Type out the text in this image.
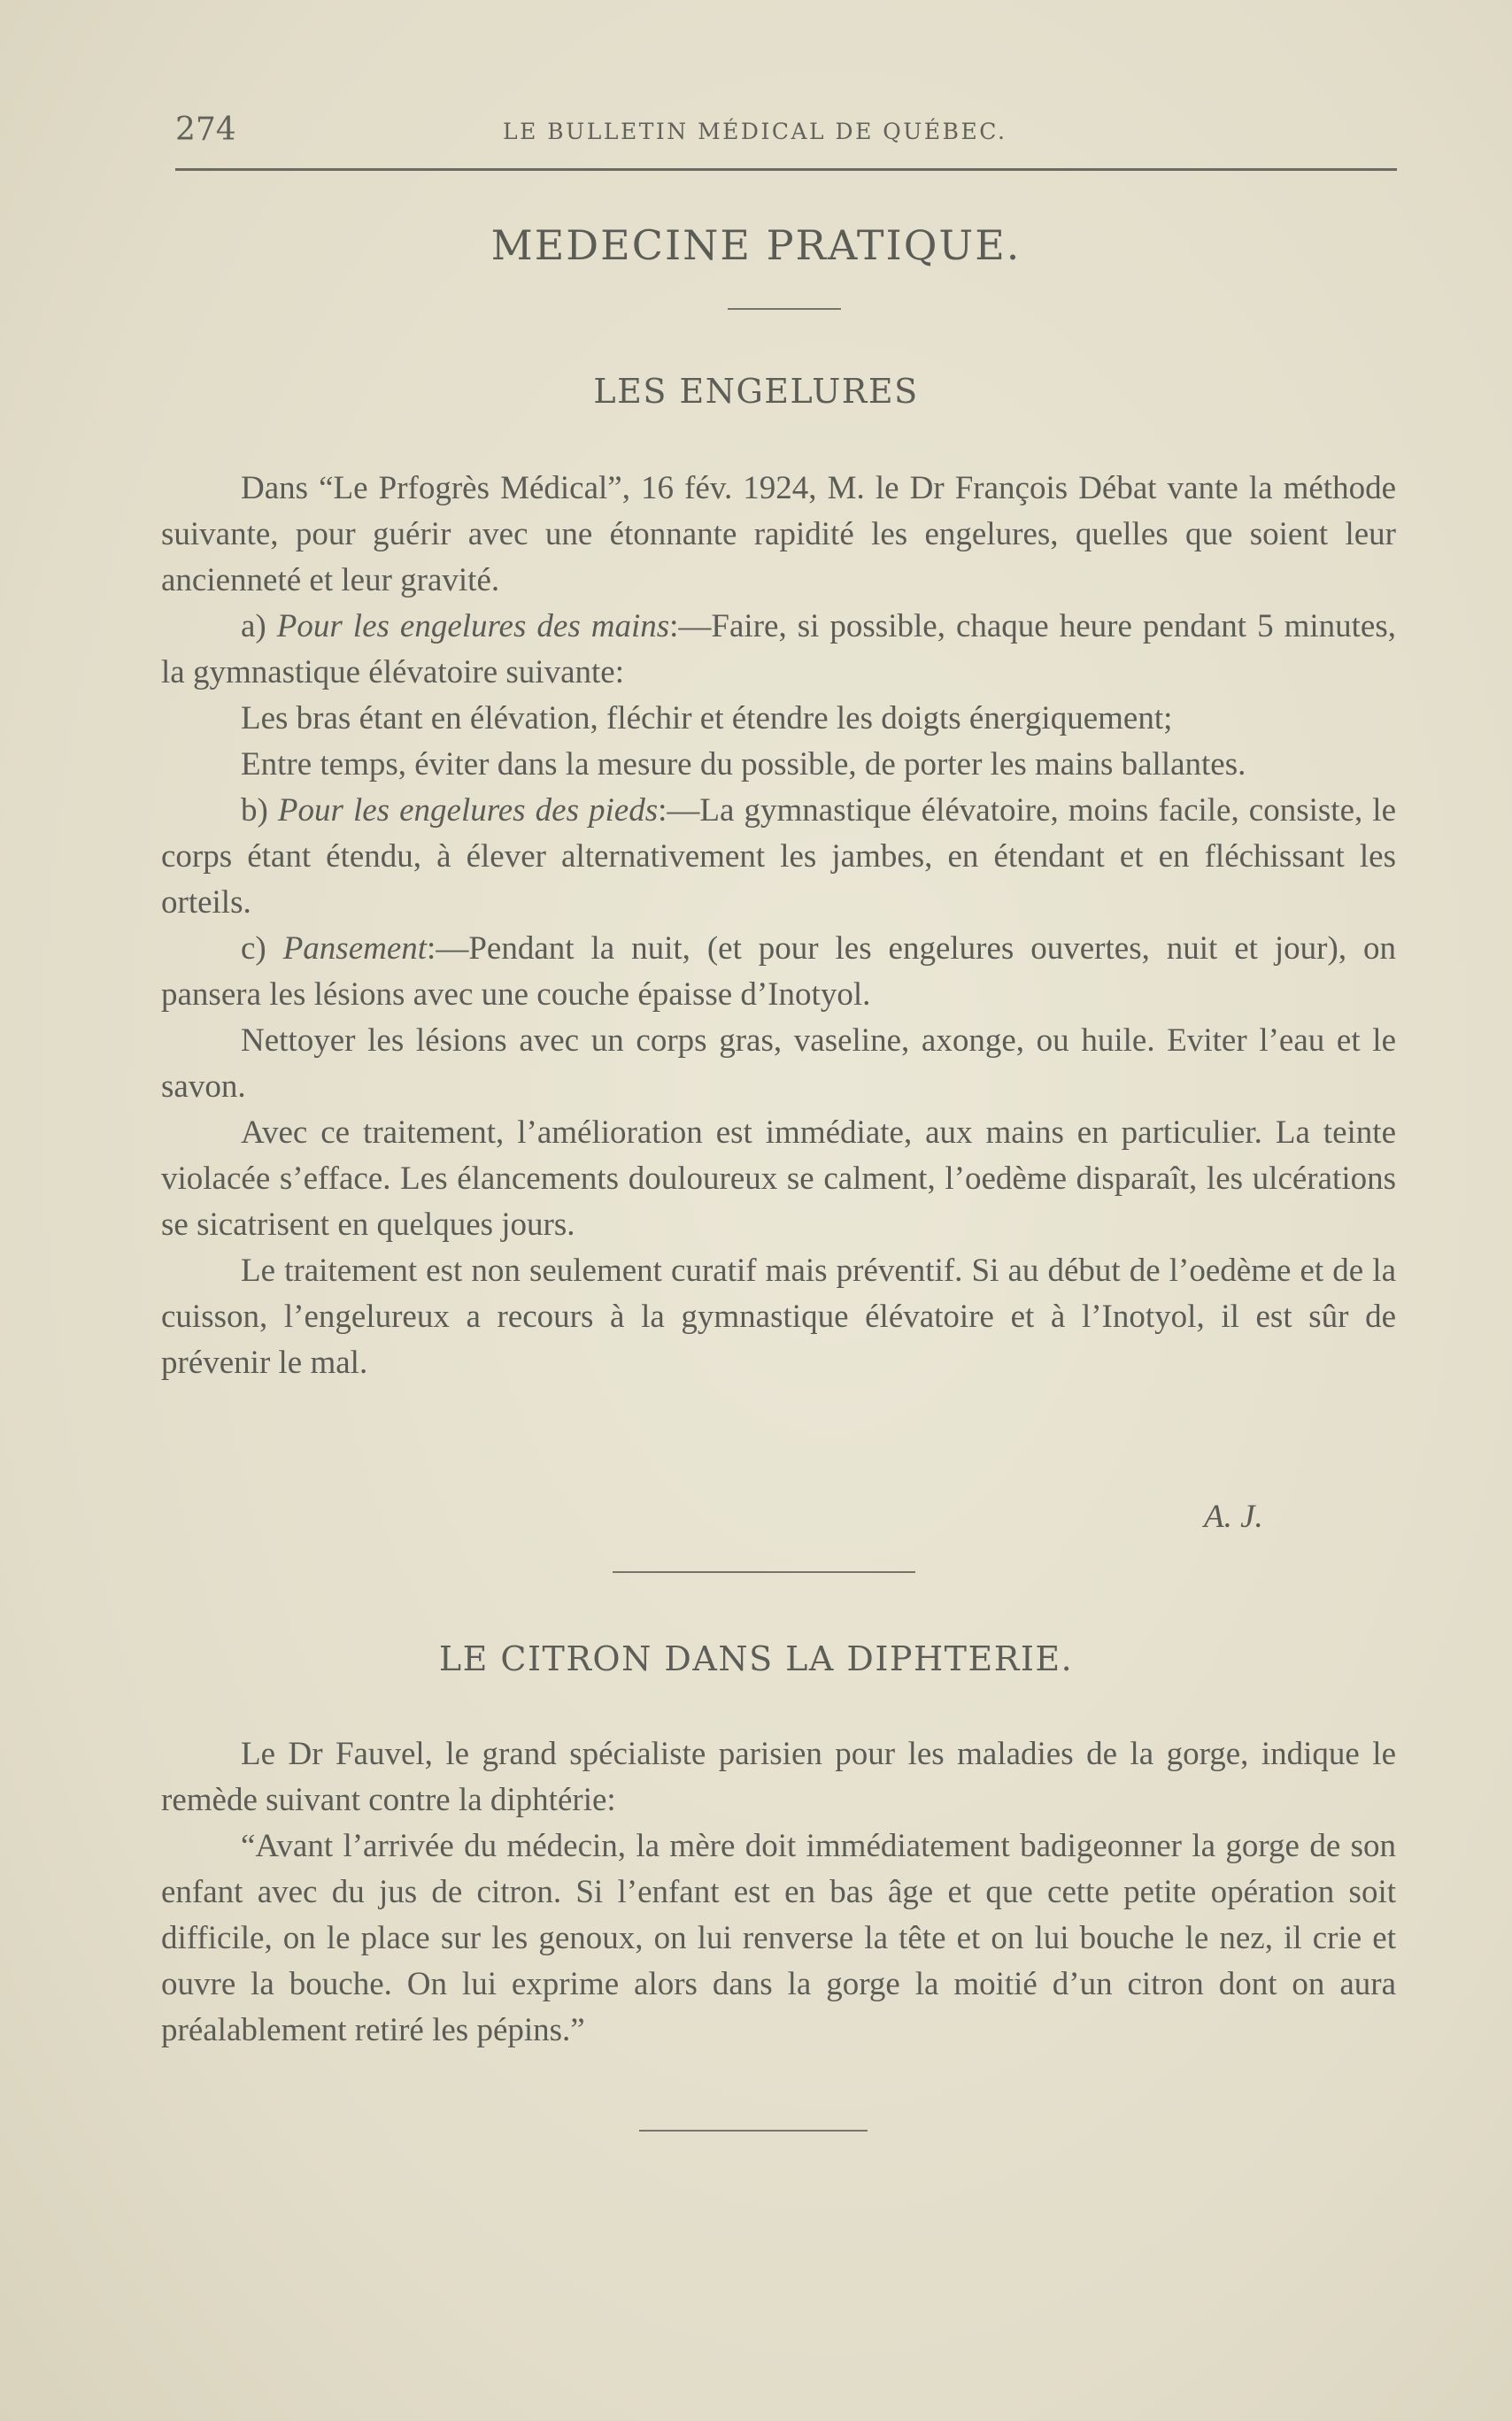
274	LE BULLETIN MÉDICAL DE QUÉBEC.
MEDECINE PRATIQUE.
LES ENGELURES

Dans “Le Prfogrès Médical”, 16 fév. 1924, M. le Dr François Débat vante la méthode suivante, pour guérir avec une étonnante rapidité les engelures, quelles que soient leur ancienneté et leur gravité.

a) Pour les engelures des mains:—Faire, si possible, chaque heure pendant 5 minutes, la gymnastique élévatoire suivante:

Les bras étant en élévation, fléchir et étendre les doigts énergiquement;

Entre temps, éviter dans la mesure du possible, de porter les mains ballantes.

b) Pour les engelures des pieds:—La gymnastique élévatoire, moins facile, consiste, le corps étant étendu, à élever alternativement les jambes, en étendant et en fléchissant les orteils.

c) Pansement:—Pendant la nuit, (et pour les engelures ouvertes, nuit et jour), on pansera les lésions avec une couche épaisse d’Inotyol.

Nettoyer les lésions avec un corps gras, vaseline, axonge, ou huile. Eviter l’eau et le savon.

Avec ce traitement, l’amélioration est immédiate, aux mains en particulier. La teinte violacée s’efface. Les élancements douloureux se calment, l’oedème disparaît, les ulcérations se sicatrisent en quelques jours.

Le traitement est non seulement curatif mais préventif. Si au début de l’oedème et de la cuisson, l’engelureux a recours à la gymnastique élévatoire et à l’Inotyol, il est sûr de prévenir le mal.

A. J.
LE CITRON DANS LA DIPHTERIE.

Le Dr Fauvel, le grand spécialiste parisien pour les maladies de la gorge, indique le remède suivant contre la diphtérie:

“Avant l’arrivée du médecin, la mère doit immédiatement badigeonner la gorge de son enfant avec du jus de citron. Si l’enfant est en bas âge et que cette petite opération soit difficile, on le place sur les genoux, on lui renverse la tête et on lui bouche le nez, il crie et ouvre la bouche. On lui exprime alors dans la gorge la moitié d’un citron dont on aura préalablement retiré les pépins.”
